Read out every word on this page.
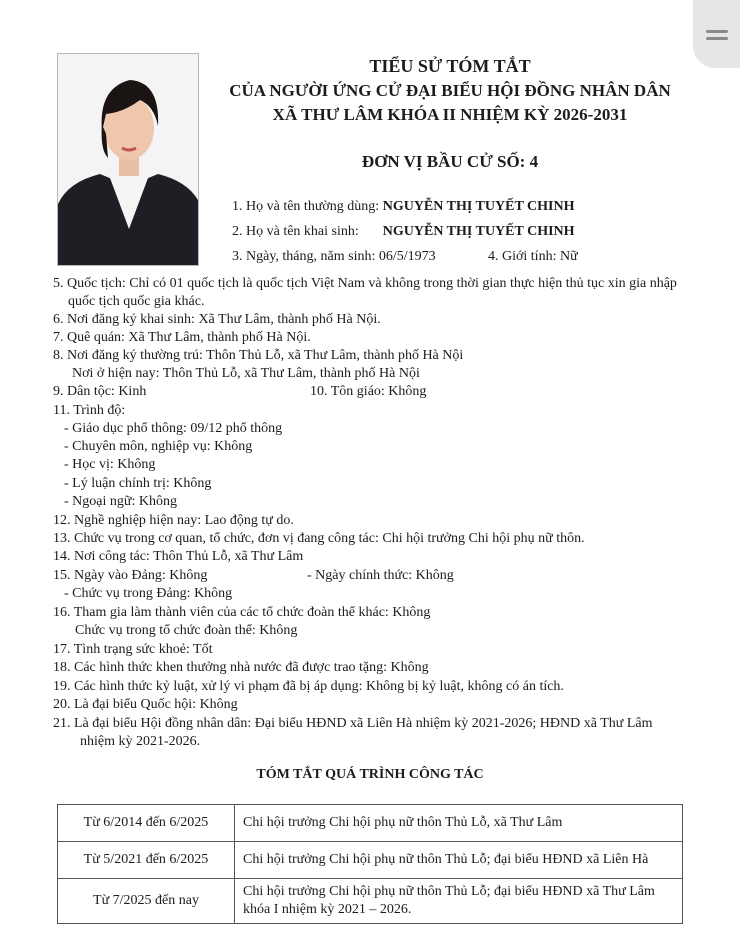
TIỂU SỬ TÓM TẮT
CỦA NGƯỜI ỨNG CỬ ĐẠI BIỂU HỘI ĐỒNG NHÂN DÂN
XÃ THƯ LÂM KHÓA II NHIỆM KỲ 2026-2031
ĐƠN VỊ BẦU CỬ SỐ: 4
1. Họ và tên thường dùng: NGUYỄN THỊ TUYẾT CHINH
2. Họ và tên khai sinh: NGUYỄN THỊ TUYẾT CHINH
3. Ngày, tháng, năm sinh: 06/5/1973	4. Giới tính: Nữ
5. Quốc tịch: Chỉ có 01 quốc tịch là quốc tịch Việt Nam và không trong thời gian thực hiện thủ tục xin gia nhập
quốc tịch quốc gia khác.
6. Nơi đăng ký khai sinh: Xã Thư Lâm, thành phố Hà Nội.
7. Quê quán: Xã Thư Lâm, thành phố Hà Nội.
8. Nơi đăng ký thường trú: Thôn Thủ Lỗ, xã Thư Lâm, thành phố Hà Nội
Nơi ở hiện nay: Thôn Thủ Lỗ, xã Thư Lâm, thành phố Hà Nội
9. Dân tộc: Kinh	10. Tôn giáo: Không
11. Trình độ:
- Giáo dục phổ thông: 09/12 phổ thông
- Chuyên môn, nghiệp vụ: Không
- Học vị: Không
- Lý luận chính trị: Không
- Ngoại ngữ: Không
12. Nghề nghiệp hiện nay: Lao động tự do.
13. Chức vụ trong cơ quan, tổ chức, đơn vị đang công tác: Chi hội trưởng Chi hội phụ nữ thôn.
14. Nơi công tác: Thôn Thủ Lỗ, xã Thư Lâm
15. Ngày vào Đảng: Không	- Ngày chính thức: Không
- Chức vụ trong Đảng: Không
16. Tham gia làm thành viên của các tổ chức đoàn thể khác: Không
Chức vụ trong tổ chức đoàn thể: Không
17. Tình trạng sức khoẻ: Tốt
18. Các hình thức khen thưởng nhà nước đã được trao tặng: Không
19. Các hình thức kỷ luật, xử lý vi phạm đã bị áp dụng: Không bị kỷ luật, không có án tích.
20. Là đại biểu Quốc hội: Không
21. Là đại biểu Hội đồng nhân dân: Đại biểu HĐND xã Liên Hà nhiệm kỳ 2021-2026; HĐND xã Thư Lâm
nhiệm kỳ 2021-2026.
TÓM TẮT QUÁ TRÌNH CÔNG TÁC
Từ 6/2014 đến 6/2025	Chi hội trưởng Chi hội phụ nữ thôn Thủ Lỗ, xã Thư Lâm
Từ 5/2021 đến 6/2025	Chi hội trưởng Chi hội phụ nữ thôn Thủ Lỗ; đại biểu HĐND xã Liên Hà
Từ 7/2025 đến nay	Chi hội trưởng Chi hội phụ nữ thôn Thủ Lỗ; đại biểu HĐND xã Thư Lâm khóa I nhiệm kỳ 2021 – 2026.
